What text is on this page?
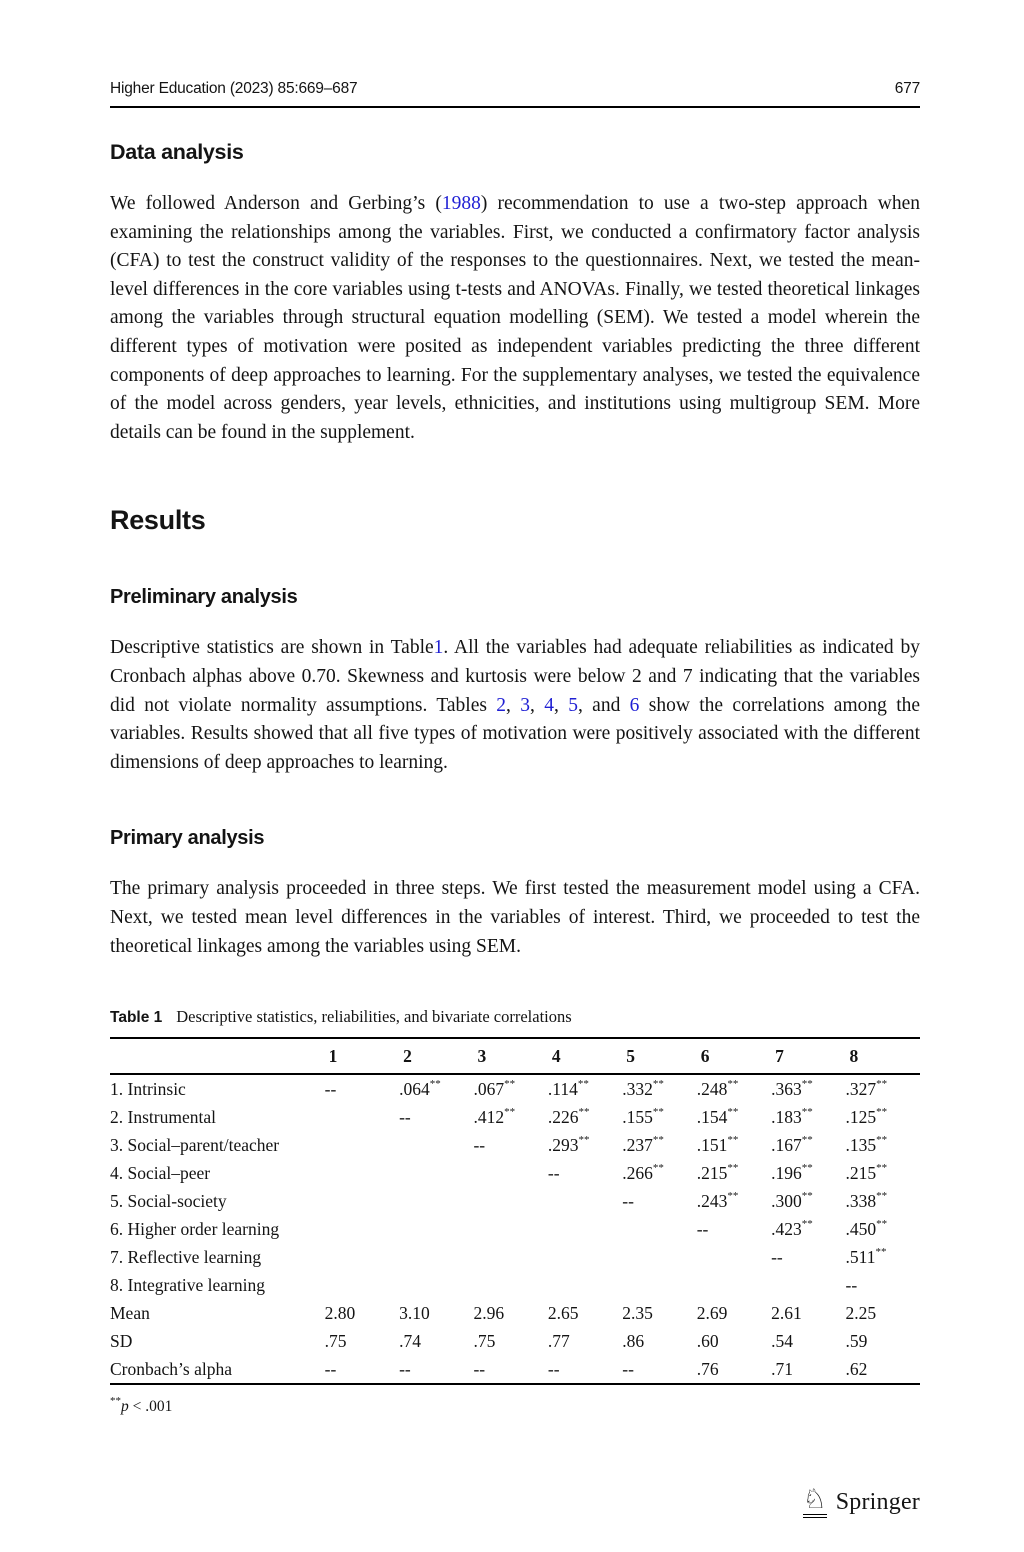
Higher Education (2023) 85:669–687	677
Data analysis

We followed Anderson and Gerbing’s (1988) recommendation to use a two-step approach when examining the relationships among the variables. First, we conducted a confirmatory factor analysis (CFA) to test the construct validity of the responses to the questionnaires. Next, we tested the mean-level differences in the core variables using t-tests and ANOVAs. Finally, we tested theoretical linkages among the variables through structural equation modelling (SEM). We tested a model wherein the different types of motivation were posited as independent variables predicting the three different components of deep approaches to learning. For the supplementary analyses, we tested the equivalence of the model across genders, year levels, ethnicities, and institutions using multigroup SEM. More details can be found in the supplement.

Results
Preliminary analysis

Descriptive statistics are shown in Table1. All the variables had adequate reliabilities as indicated by Cronbach alphas above 0.70. Skewness and kurtosis were below 2 and 7 indicating that the variables did not violate normality assumptions. Tables 2, 3, 4, 5, and 6 show the correlations among the variables. Results showed that all five types of motivation were positively associated with the different dimensions of deep approaches to learning.

Primary analysis

The primary analysis proceeded in three steps. We first tested the measurement model using a CFA. Next, we tested mean level differences in the variables of interest. Third, we proceeded to test the theoretical linkages among the variables using SEM.

Table 1 Descriptive statistics, reliabilities, and bivariate correlations
	1	2	3	4	5	6	7	8
1. Intrinsic	--	.064**	.067**	.114**	.332**	.248**	.363**	.327**
2. Instrumental		--	.412**	.226**	.155**	.154**	.183**	.125**
3. Social–parent/teacher			--	.293**	.237**	.151**	.167**	.135**
4. Social–peer				--	.266**	.215**	.196**	.215**
5. Social-society					--	.243**	.300**	.338**
6. Higher order learning						--	.423**	.450**
7. Reflective learning							--	.511**
8. Integrative learning								--
Mean	2.80	3.10	2.96	2.65	2.35	2.69	2.61	2.25
SD	.75	.74	.75	.77	.86	.60	.54	.59
Cronbach’s alpha	--	--	--	--	--	.76	.71	.62
**p < .001
♘ Springer
